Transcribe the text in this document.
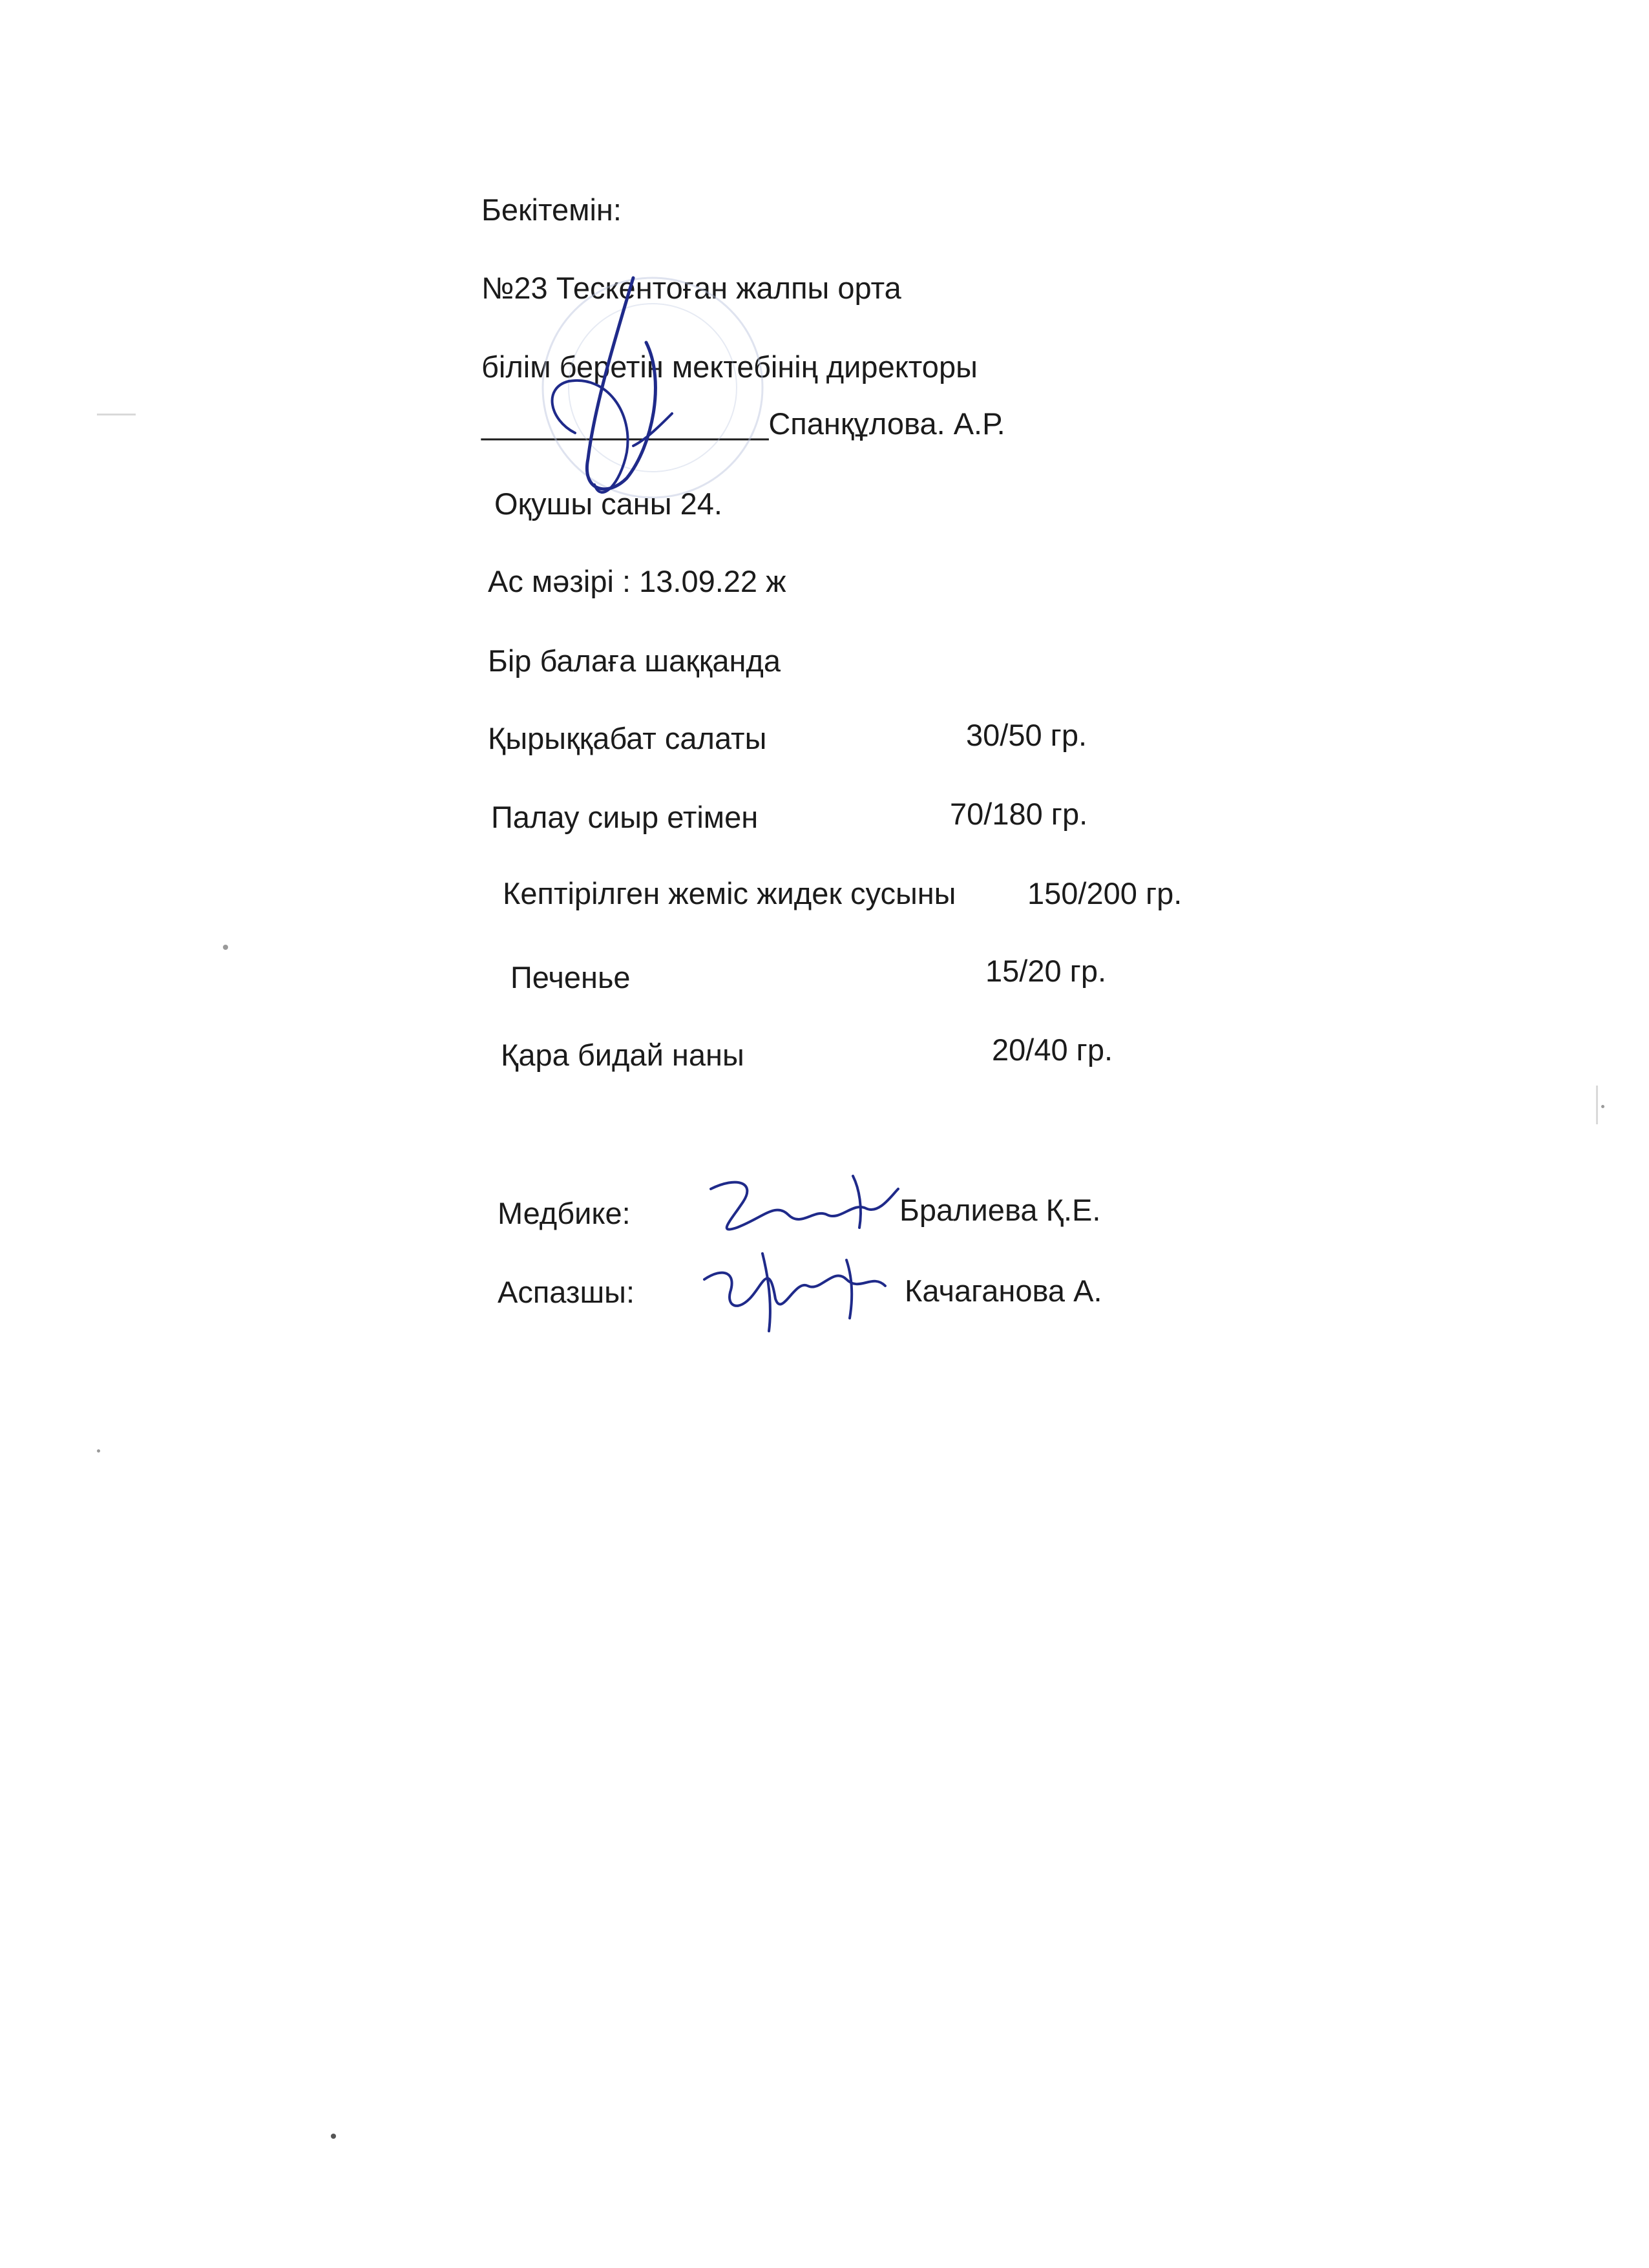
Бекітемін:
№23 Тескентоған жалпы орта
білім беретін мектебінің директоры
_________________Спанқұлова. А.Р.
Оқушы саны 24.
Ас мәзірі : 13.09.22 ж
Бір балаға шаққанда
Қырыққабат салаты	30/50 гр.
Палау сиыр етімен	70/180 гр.
Кептірілген жеміс жидек сусыны 150/200 гр.
Печенье	15/20 гр.
Қара бидай наны	20/40 гр.
Медбике:	Бралиева Қ.Е.
Аспазшы:	Качаганова А.
